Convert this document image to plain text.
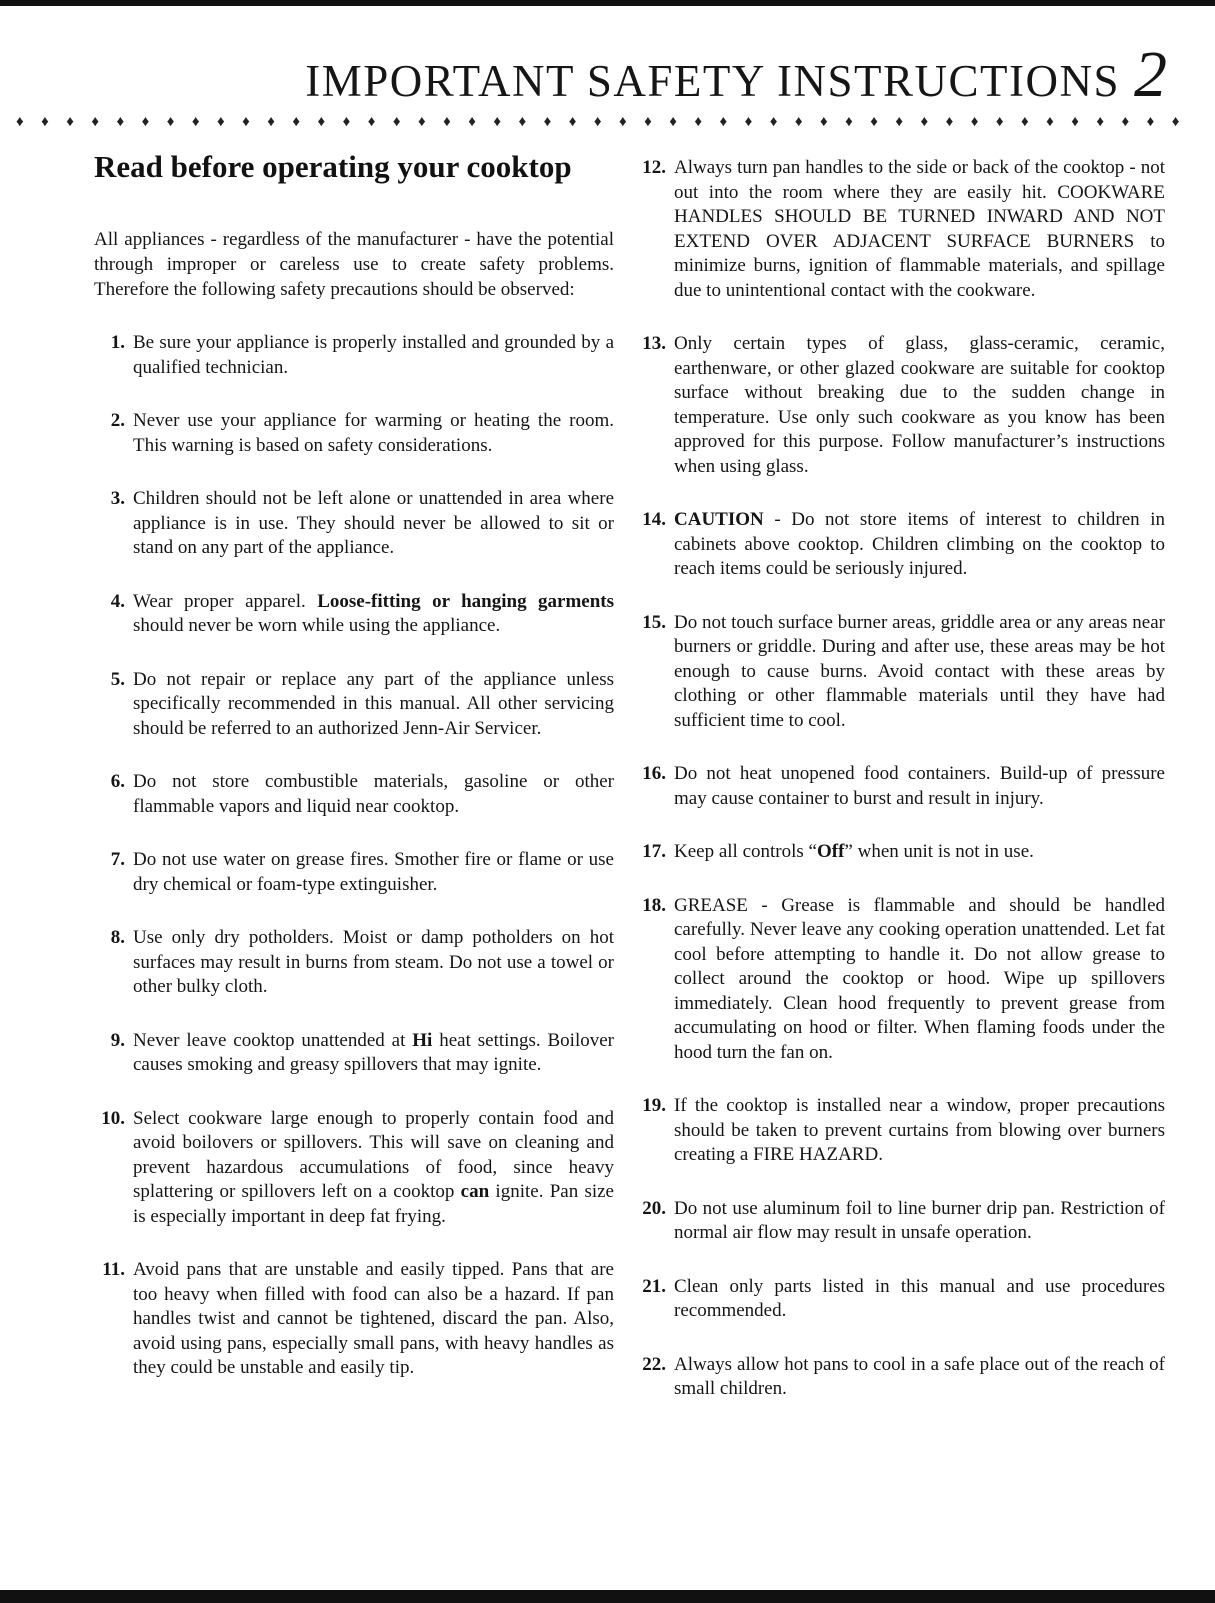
IMPORTANT SAFETY INSTRUCTIONS 2
♦ ♦ ♦ ♦ ♦ ♦ ♦ ♦ ♦ ♦ ♦ ♦ ♦ ♦ ♦ ♦ ♦ ♦ ♦ ♦ ♦ ♦ ♦ ♦ ♦ ♦ ♦ ♦ ♦ ♦ ♦ ♦ ♦ ♦ ♦ ♦ ♦ ♦ ♦ ♦ ♦ ♦ ♦ ♦ ♦ ♦ ♦
Read before operating your cooktop

All appliances - regardless of the manufacturer - have the potential through improper or careless use to create safety problems. Therefore the following safety precautions should be observed:

1. Be sure your appliance is properly installed and grounded by a qualified technician.
2. Never use your appliance for warming or heating the room. This warning is based on safety considerations.
3. Children should not be left alone or unattended in area where appliance is in use. They should never be allowed to sit or stand on any part of the appliance.
4. Wear proper apparel. Loose-fitting or hanging garments should never be worn while using the appliance.
5. Do not repair or replace any part of the appliance unless specifically recommended in this manual. All other servicing should be referred to an authorized Jenn-Air Servicer.
6. Do not store combustible materials, gasoline or other flammable vapors and liquid near cooktop.
7. Do not use water on grease fires. Smother fire or flame or use dry chemical or foam-type extinguisher.
8. Use only dry potholders. Moist or damp potholders on hot surfaces may result in burns from steam. Do not use a towel or other bulky cloth.
9. Never leave cooktop unattended at Hi heat settings. Boilover causes smoking and greasy spillovers that may ignite.
10. Select cookware large enough to properly contain food and avoid boilovers or spillovers. This will save on cleaning and prevent hazardous accumulations of food, since heavy splattering or spillovers left on a cooktop can ignite. Pan size is especially important in deep fat frying.
11. Avoid pans that are unstable and easily tipped. Pans that are too heavy when filled with food can also be a hazard. If pan handles twist and cannot be tightened, discard the pan. Also, avoid using pans, especially small pans, with heavy handles as they could be unstable and easily tip.
12. Always turn pan handles to the side or back of the cooktop - not out into the room where they are easily hit. COOKWARE HANDLES SHOULD BE TURNED INWARD AND NOT EXTEND OVER ADJACENT SURFACE BURNERS to minimize burns, ignition of flammable materials, and spillage due to unintentional contact with the cookware.
13. Only certain types of glass, glass-ceramic, ceramic, earthenware, or other glazed cookware are suitable for cooktop surface without breaking due to the sudden change in temperature. Use only such cookware as you know has been approved for this purpose. Follow manufacturer’s instructions when using glass.
14. CAUTION - Do not store items of interest to children in cabinets above cooktop. Children climbing on the cooktop to reach items could be seriously injured.
15. Do not touch surface burner areas, griddle area or any areas near burners or griddle. During and after use, these areas may be hot enough to cause burns. Avoid contact with these areas by clothing or other flammable materials until they have had sufficient time to cool.
16. Do not heat unopened food containers. Build-up of pressure may cause container to burst and result in injury.
17. Keep all controls “Off” when unit is not in use.
18. GREASE - Grease is flammable and should be handled carefully. Never leave any cooking operation unattended. Let fat cool before attempting to handle it. Do not allow grease to collect around the cooktop or hood. Wipe up spillovers immediately. Clean hood frequently to prevent grease from accumulating on hood or filter. When flaming foods under the hood turn the fan on.
19. If the cooktop is installed near a window, proper precautions should be taken to prevent curtains from blowing over burners creating a FIRE HAZARD.
20. Do not use aluminum foil to line burner drip pan. Restriction of normal air flow may result in unsafe operation.
21. Clean only parts listed in this manual and use procedures recommended.
22. Always allow hot pans to cool in a safe place out of the reach of small children.
